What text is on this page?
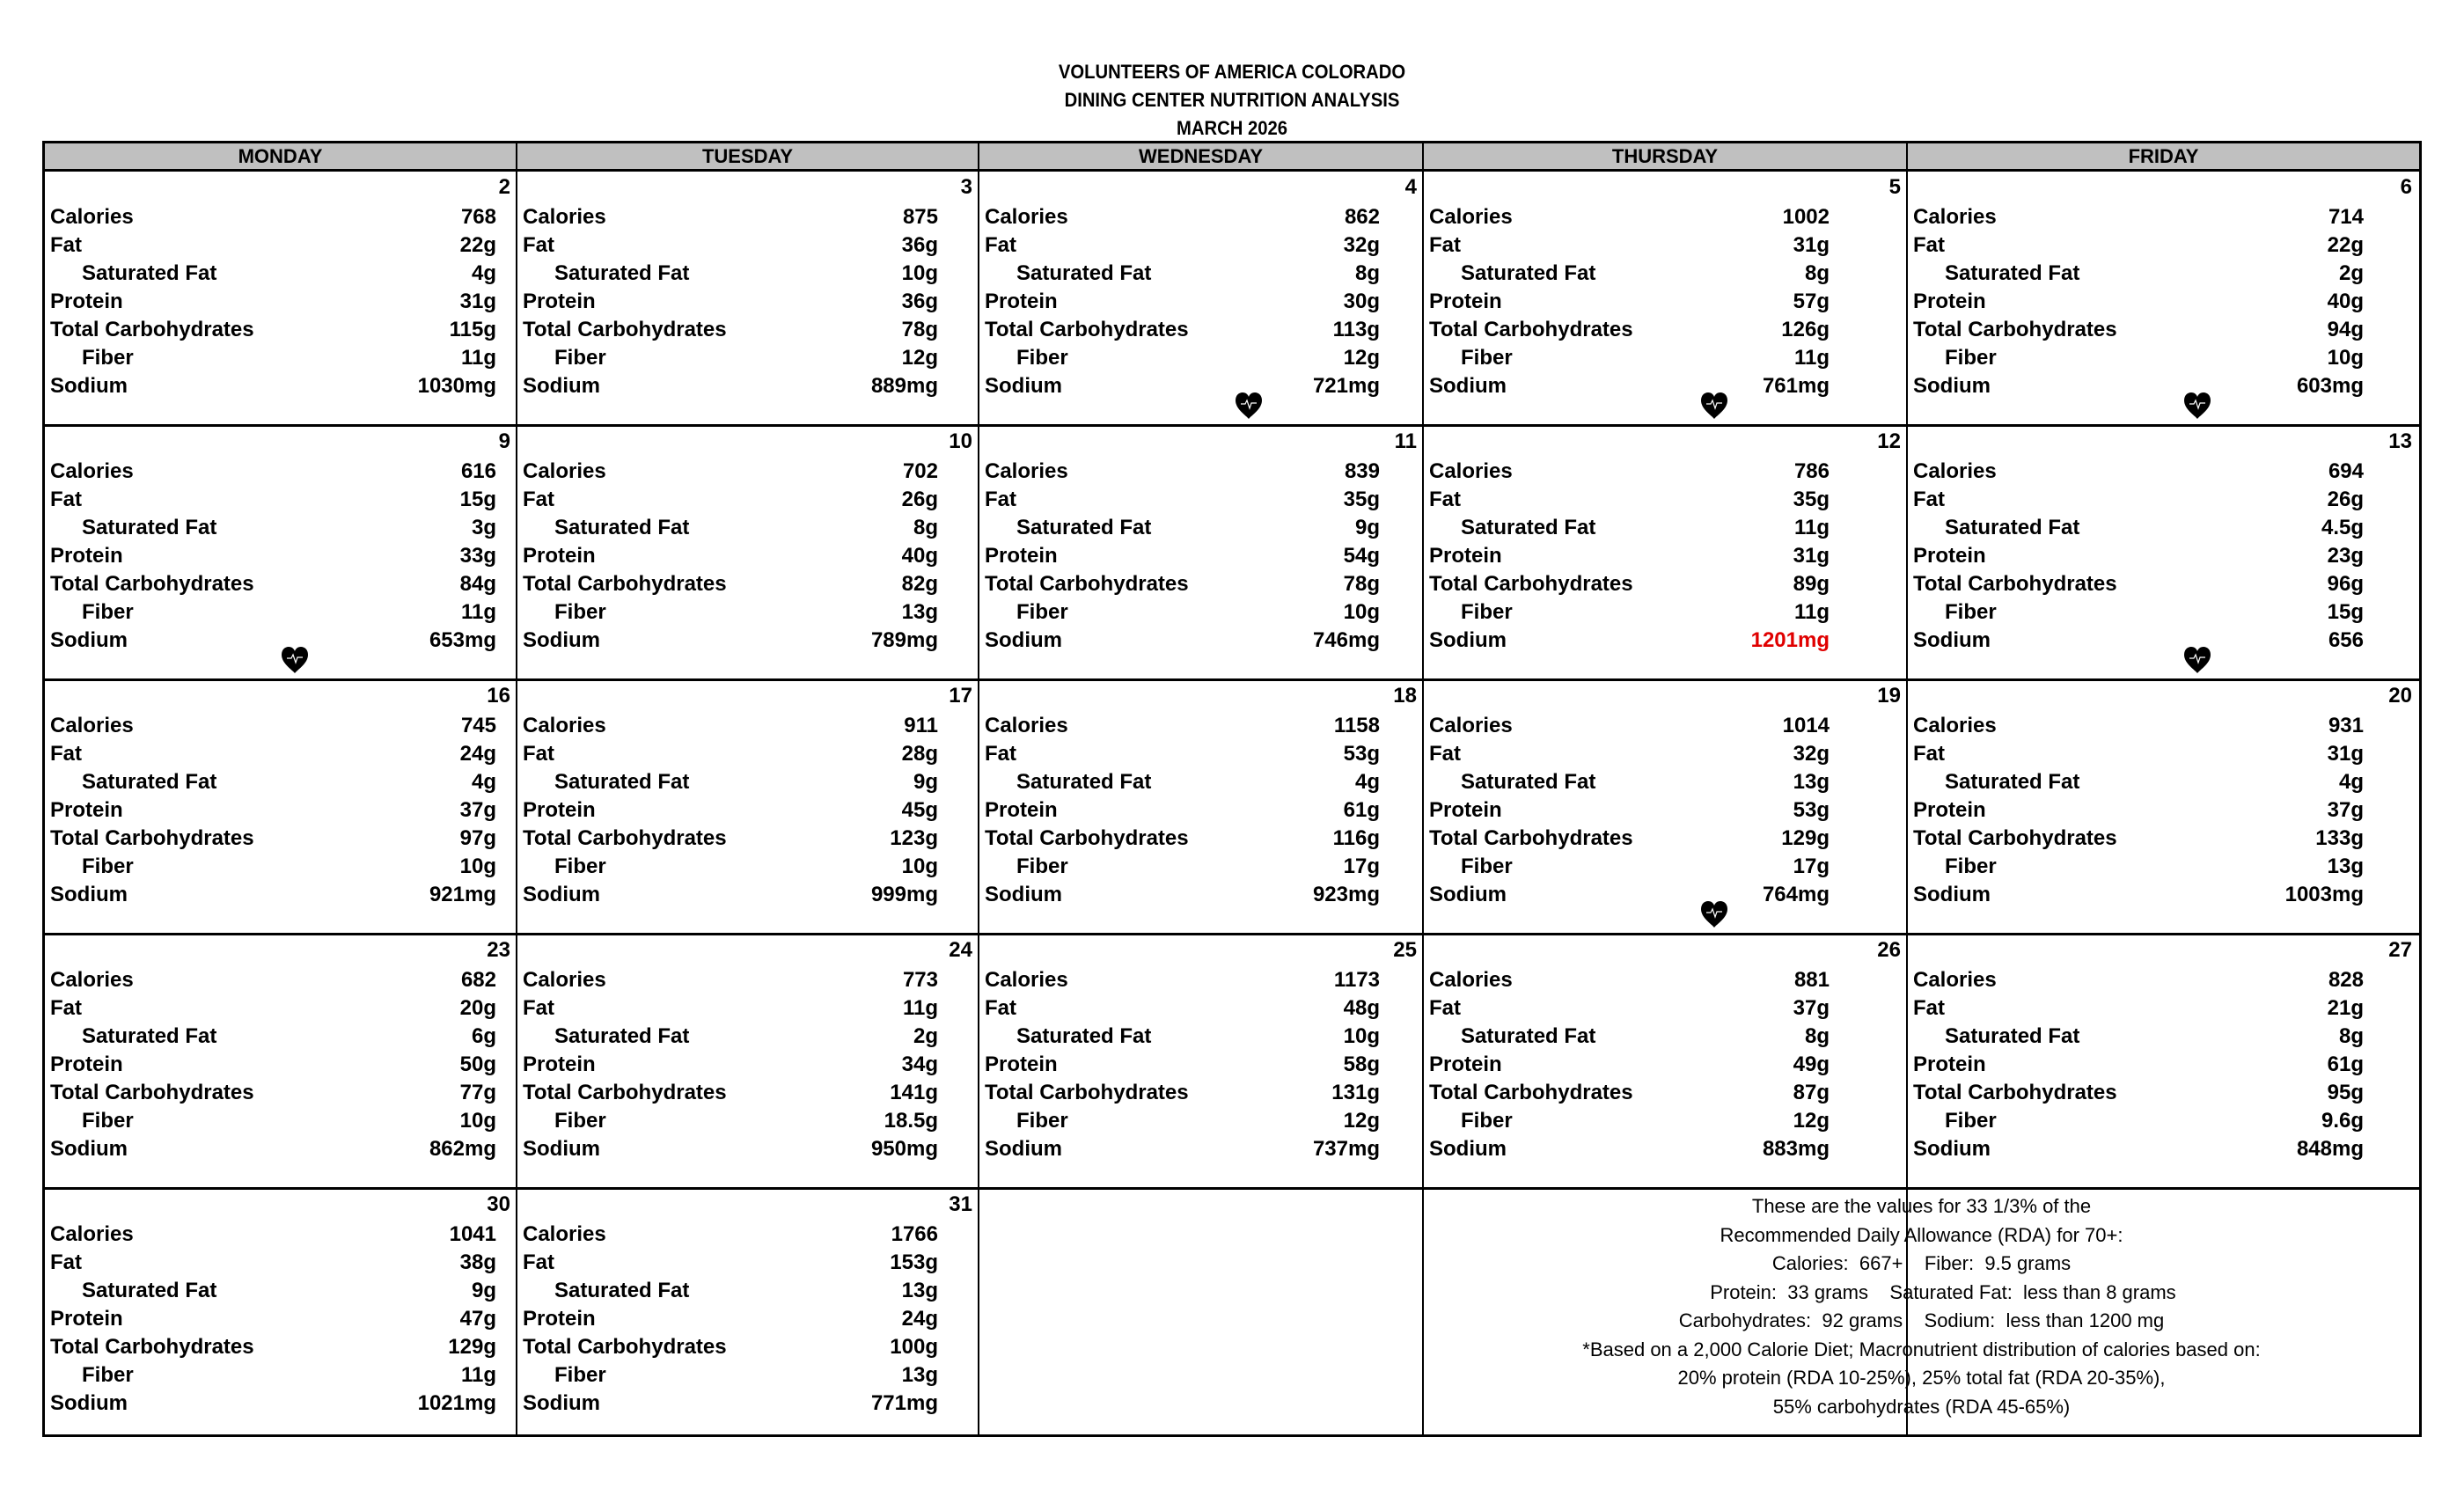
VOLUNTEERS OF AMERICA COLORADO
DINING CENTER NUTRITION ANALYSIS
MARCH 2026
MONDAY	TUESDAY	WEDNESDAY	THURSDAY	FRIDAY
2
Calories	768
Fat	22g
Saturated Fat	4g
Protein	31g
Total Carbohydrates	115g
Fiber	11g
Sodium	1030mg
3
Calories	875
Fat	36g
Saturated Fat	10g
Protein	36g
Total Carbohydrates	78g
Fiber	12g
Sodium	889mg
4
Calories	862
Fat	32g
Saturated Fat	8g
Protein	30g
Total Carbohydrates	113g
Fiber	12g
Sodium	721mg
5
Calories	1002
Fat	31g
Saturated Fat	8g
Protein	57g
Total Carbohydrates	126g
Fiber	11g
Sodium	761mg
6
Calories	714
Fat	22g
Saturated Fat	2g
Protein	40g
Total Carbohydrates	94g
Fiber	10g
Sodium	603mg
9
Calories	616
Fat	15g
Saturated Fat	3g
Protein	33g
Total Carbohydrates	84g
Fiber	11g
Sodium	653mg
10
Calories	702
Fat	26g
Saturated Fat	8g
Protein	40g
Total Carbohydrates	82g
Fiber	13g
Sodium	789mg
11
Calories	839
Fat	35g
Saturated Fat	9g
Protein	54g
Total Carbohydrates	78g
Fiber	10g
Sodium	746mg
12
Calories	786
Fat	35g
Saturated Fat	11g
Protein	31g
Total Carbohydrates	89g
Fiber	11g
Sodium	1201mg
13
Calories	694
Fat	26g
Saturated Fat	4.5g
Protein	23g
Total Carbohydrates	96g
Fiber	15g
Sodium	656
16
Calories	745
Fat	24g
Saturated Fat	4g
Protein	37g
Total Carbohydrates	97g
Fiber	10g
Sodium	921mg
17
Calories	911
Fat	28g
Saturated Fat	9g
Protein	45g
Total Carbohydrates	123g
Fiber	10g
Sodium	999mg
18
Calories	1158
Fat	53g
Saturated Fat	4g
Protein	61g
Total Carbohydrates	116g
Fiber	17g
Sodium	923mg
19
Calories	1014
Fat	32g
Saturated Fat	13g
Protein	53g
Total Carbohydrates	129g
Fiber	17g
Sodium	764mg
20
Calories	931
Fat	31g
Saturated Fat	4g
Protein	37g
Total Carbohydrates	133g
Fiber	13g
Sodium	1003mg
23
Calories	682
Fat	20g
Saturated Fat	6g
Protein	50g
Total Carbohydrates	77g
Fiber	10g
Sodium	862mg
24
Calories	773
Fat	11g
Saturated Fat	2g
Protein	34g
Total Carbohydrates	141g
Fiber	18.5g
Sodium	950mg
25
Calories	1173
Fat	48g
Saturated Fat	10g
Protein	58g
Total Carbohydrates	131g
Fiber	12g
Sodium	737mg
26
Calories	881
Fat	37g
Saturated Fat	8g
Protein	49g
Total Carbohydrates	87g
Fiber	12g
Sodium	883mg
27
Calories	828
Fat	21g
Saturated Fat	8g
Protein	61g
Total Carbohydrates	95g
Fiber	9.6g
Sodium	848mg
30
Calories	1041
Fat	38g
Saturated Fat	9g
Protein	47g
Total Carbohydrates	129g
Fiber	11g
Sodium	1021mg
31
Calories	1766
Fat	153g
Saturated Fat	13g
Protein	24g
Total Carbohydrates	100g
Fiber	13g
Sodium	771mg
These are the values for 33 1/3% of the
Recommended Daily Allowance (RDA) for 70+:
Calories:  667+    Fiber:  9.5 grams
Protein:  33 grams    Saturated Fat:  less than 8 grams
Carbohydrates:  92 grams    Sodium:  less than 1200 mg
*Based on a 2,000 Calorie Diet; Macronutrient distribution of calories based on:
20% protein (RDA 10-25%), 25% total fat (RDA 20-35%),
55% carbohydrates (RDA 45-65%)
